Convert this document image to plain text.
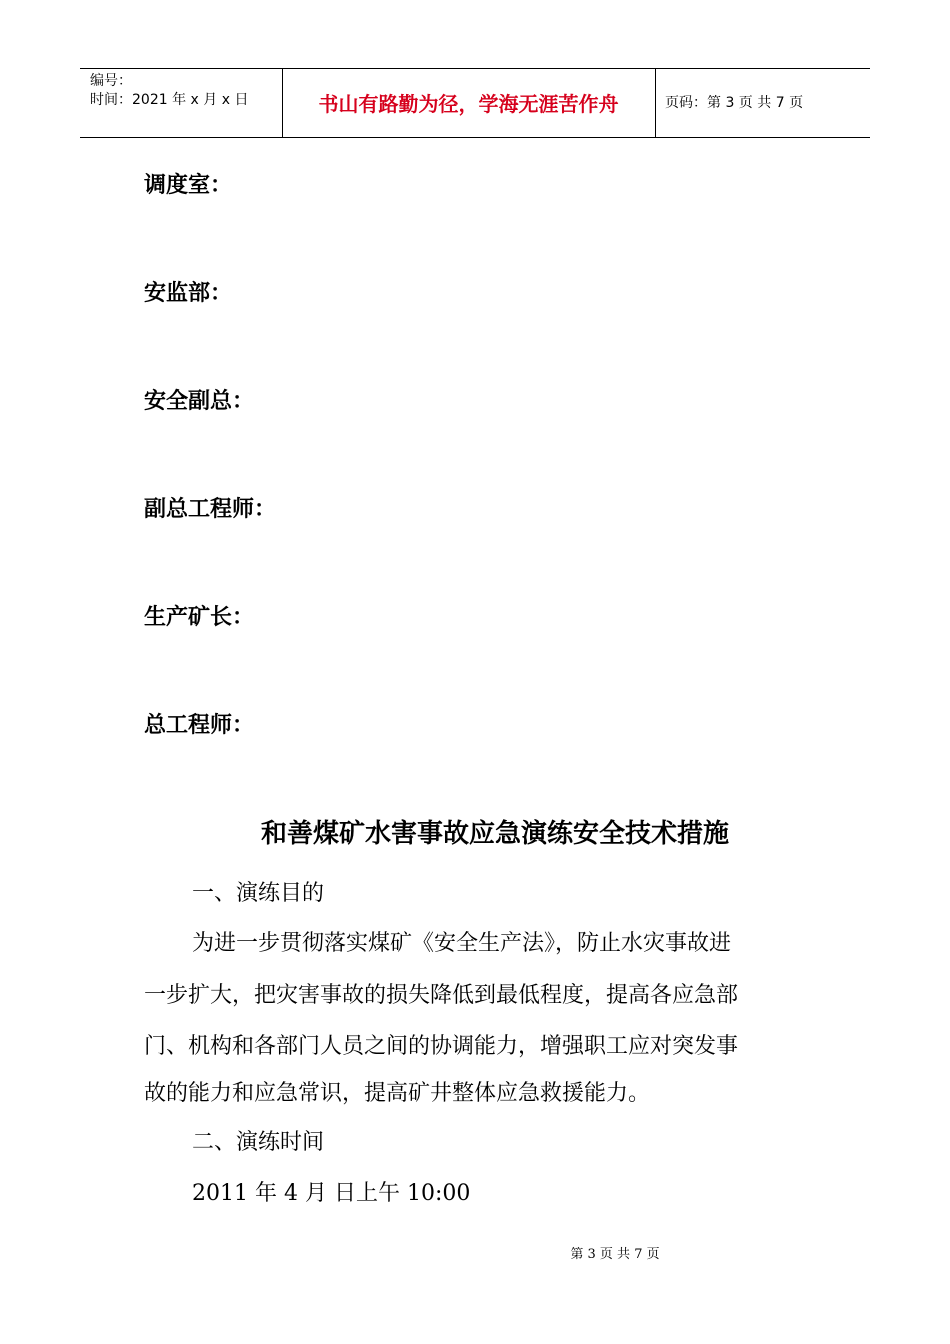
编号：
时间：2021 年 x 月 x 日	书山有路勤为径，学海无涯苦作舟	页码：第 3 页 共 7 页
调度室：
安监部：
安全副总：
副总工程师：
生产矿长：
总工程师：
和善煤矿水害事故应急演练安全技术措施
一、演练目的
为进一步贯彻落实煤矿《安全生产法》，防止水灾事故进
一步扩大，把灾害事故的损失降低到最低程度，提高各应急部
门、机构和各部门人员之间的协调能力，增强职工应对突发事
故的能力和应急常识，提高矿井整体应急救援能力。
二、演练时间
2011 年 4 月 日上午 10:00
第 3 页 共 7 页
